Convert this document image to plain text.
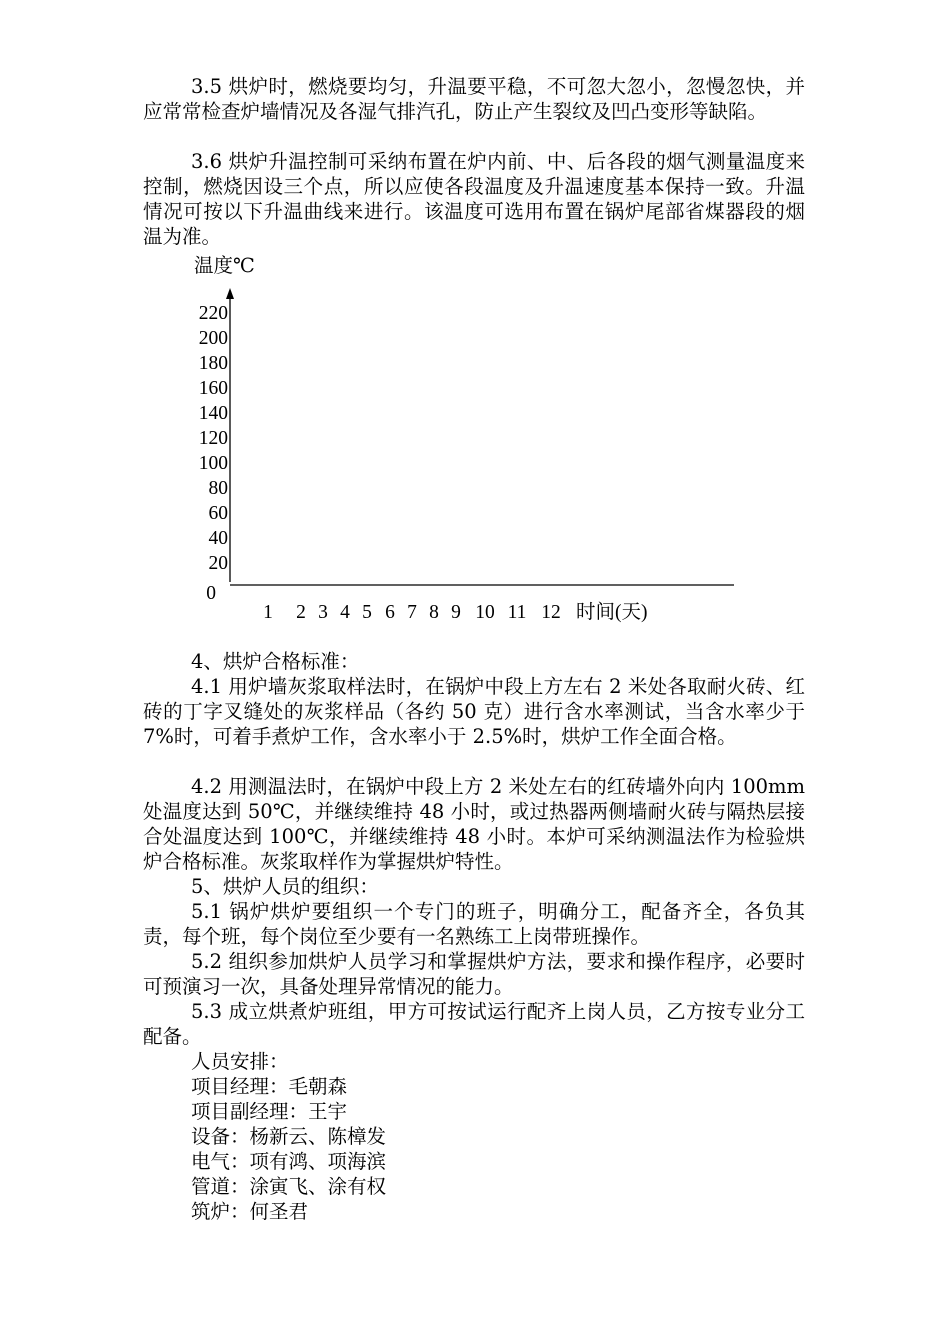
3.5 烘炉时，燃烧要均匀，升温要平稳，不可忽大忽小，忽慢忽快，并应常常检查炉墙情况及各湿气排汽孔，防止产生裂纹及凹凸变形等缺陷。

3.6 烘炉升温控制可采纳布置在炉内前、中、后各段的烟气测量温度来控制，燃烧因设三个点，所以应使各段温度及升温速度基本保持一致。升温情况可按以下升温曲线来进行。该温度可选用布置在锅炉尾部省煤器段的烟温为准。

温度℃
220
200
180
160
140
120
100
80
60
40
20
0
1 2 3 4 5 6 7 8 9 10 11 12 时间(天)

4、烘炉合格标准：

4.1 用炉墙灰浆取样法时，在锅炉中段上方左右 2 米处各取耐火砖、红砖的丁字叉缝处的灰浆样品（各约 50 克）进行含水率测试，当含水率少于 7%时，可着手煮炉工作，含水率小于 2.5%时，烘炉工作全面合格。

4.2 用测温法时，在锅炉中段上方 2 米处左右的红砖墙外向内 100mm 处温度达到 50℃，并继续维持 48 小时，或过热器两侧墙耐火砖与隔热层接合处温度达到 100℃，并继续维持 48 小时。本炉可采纳测温法作为检验烘炉合格标准。灰浆取样作为掌握烘炉特性。

5、烘炉人员的组织：

5.1 锅炉烘炉要组织一个专门的班子，明确分工，配备齐全，各负其责，每个班，每个岗位至少要有一名熟练工上岗带班操作。

5.2 组织参加烘炉人员学习和掌握烘炉方法，要求和操作程序，必要时可预演习一次，具备处理异常情况的能力。

5.3 成立烘煮炉班组，甲方可按试运行配齐上岗人员，乙方按专业分工配备。

人员安排：

项目经理：毛朝森

项目副经理：王宇

设备：杨新云、陈樟发

电气：项有鸿、项海滨

管道：涂寅飞、涂有权

筑炉：何圣君
